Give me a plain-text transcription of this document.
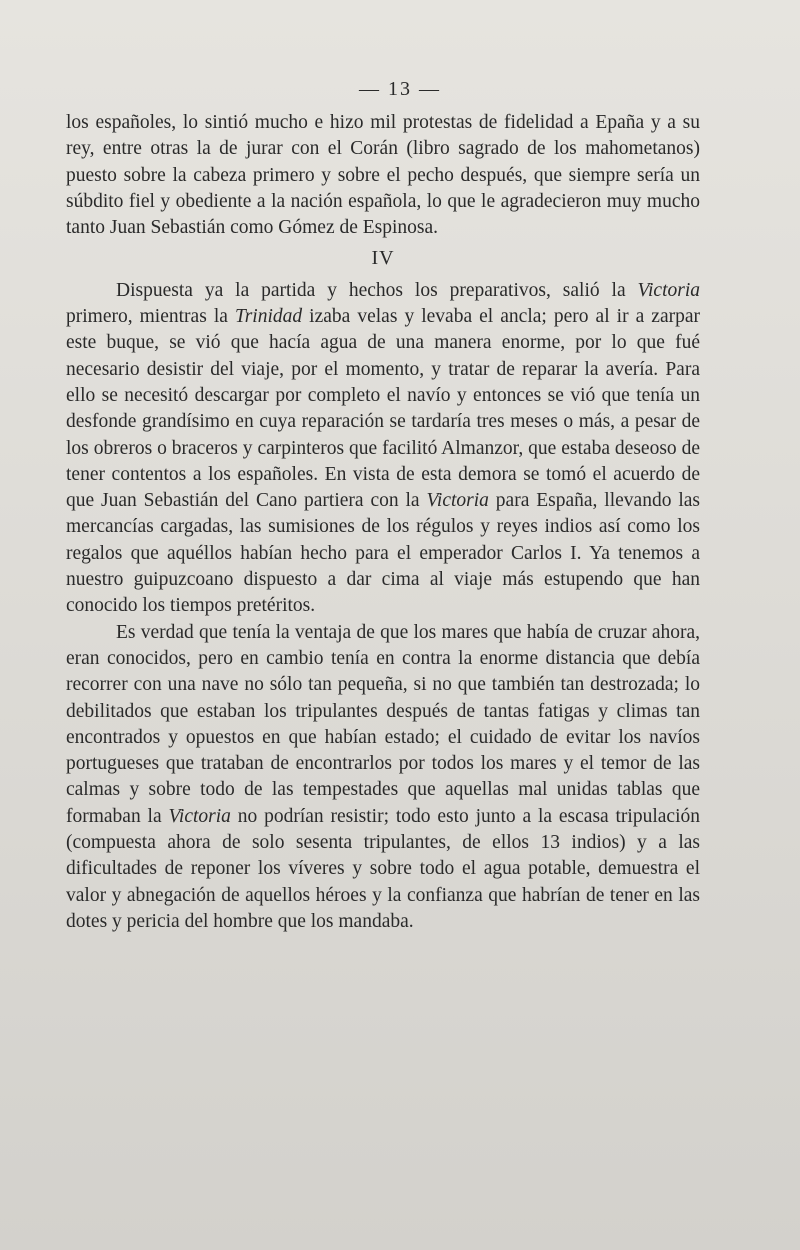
— 13 —

los españoles, lo sintió mucho e hizo mil protestas de fidelidad a Epaña y a su rey, entre otras la de jurar con el Corán (libro sagrado de los mahometanos) puesto sobre la cabeza primero y sobre el pecho después, que siempre sería un súbdito fiel y obediente a la nación española, lo que le agradecieron muy mucho tanto Juan Sebastián como Gómez de Espinosa.

IV

Dispuesta ya la partida y hechos los preparativos, salió la Victoria primero, mientras la Trinidad izaba velas y levaba el ancla; pero al ir a zarpar este buque, se vió que hacía agua de una manera enorme, por lo que fué necesario desistir del viaje, por el momento, y tratar de reparar la avería. Para ello se necesitó descargar por completo el navío y entonces se vió que tenía un desfonde grandísimo en cuya reparación se tardaría tres meses o más, a pesar de los obreros o braceros y carpinteros que facilitó Almanzor, que estaba deseoso de tener contentos a los españoles. En vista de esta demora se tomó el acuerdo de que Juan Sebastián del Cano partiera con la Victoria para España, llevando las mercancías cargadas, las sumisiones de los régulos y reyes indios así como los regalos que aquéllos habían hecho para el emperador Carlos I. Ya tenemos a nuestro guipuzcoano dispuesto a dar cima al viaje más estupendo que han conocido los tiempos pretéritos.

Es verdad que tenía la ventaja de que los mares que había de cruzar ahora, eran conocidos, pero en cambio tenía en contra la enorme distancia que debía recorrer con una nave no sólo tan pequeña, si no que también tan destrozada; lo debilitados que estaban los tripulantes después de tantas fatigas y climas tan encontrados y opuestos en que habían estado; el cuidado de evitar los navíos portugueses que trataban de encontrarlos por todos los mares y el temor de las calmas y sobre todo de las tempestades que aquellas mal unidas tablas que formaban la Victoria no podrían resistir; todo esto junto a la escasa tripulación (compuesta ahora de solo sesenta tripulantes, de ellos 13 indios) y a las dificultades de reponer los víveres y sobre todo el agua potable, demuestra el valor y abnegación de aquellos héroes y la confianza que habrían de tener en las dotes y pericia del hombre que los mandaba.
